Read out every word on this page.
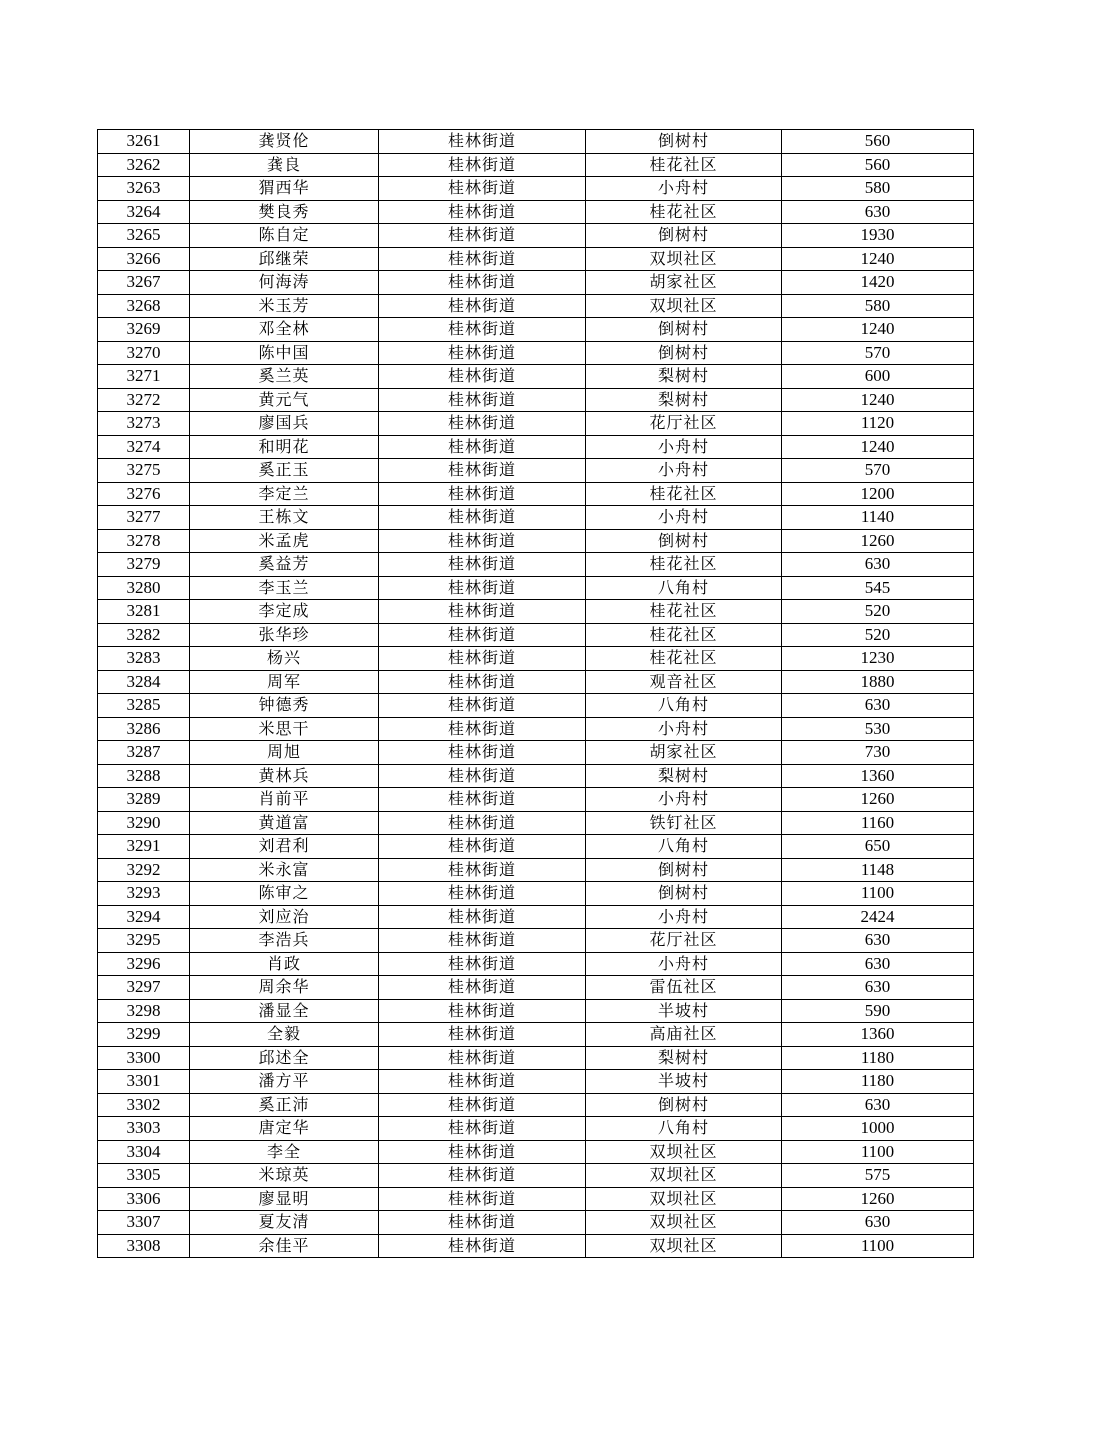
3261	龚贤伦	桂林街道	倒树村	560
3262	龚良	桂林街道	桂花社区	560
3263	猬西华	桂林街道	小舟村	580
3264	樊良秀	桂林街道	桂花社区	630
3265	陈自定	桂林街道	倒树村	1930
3266	邱继荣	桂林街道	双坝社区	1240
3267	何海涛	桂林街道	胡家社区	1420
3268	米玉芳	桂林街道	双坝社区	580
3269	邓全林	桂林街道	倒树村	1240
3270	陈中国	桂林街道	倒树村	570
3271	奚兰英	桂林街道	梨树村	600
3272	黄元气	桂林街道	梨树村	1240
3273	廖国兵	桂林街道	花厅社区	1120
3274	和明花	桂林街道	小舟村	1240
3275	奚正玉	桂林街道	小舟村	570
3276	李定兰	桂林街道	桂花社区	1200
3277	王栋文	桂林街道	小舟村	1140
3278	米孟虎	桂林街道	倒树村	1260
3279	奚益芳	桂林街道	桂花社区	630
3280	李玉兰	桂林街道	八角村	545
3281	李定成	桂林街道	桂花社区	520
3282	张华珍	桂林街道	桂花社区	520
3283	杨兴	桂林街道	桂花社区	1230
3284	周军	桂林街道	观音社区	1880
3285	钟德秀	桂林街道	八角村	630
3286	米思干	桂林街道	小舟村	530
3287	周旭	桂林街道	胡家社区	730
3288	黄林兵	桂林街道	梨树村	1360
3289	肖前平	桂林街道	小舟村	1260
3290	黄道富	桂林街道	铁钉社区	1160
3291	刘君利	桂林街道	八角村	650
3292	米永富	桂林街道	倒树村	1148
3293	陈审之	桂林街道	倒树村	1100
3294	刘应治	桂林街道	小舟村	2424
3295	李浩兵	桂林街道	花厅社区	630
3296	肖政	桂林街道	小舟村	630
3297	周余华	桂林街道	雷伍社区	630
3298	潘显全	桂林街道	半坡村	590
3299	全毅	桂林街道	高庙社区	1360
3300	邱述全	桂林街道	梨树村	1180
3301	潘方平	桂林街道	半坡村	1180
3302	奚正沛	桂林街道	倒树村	630
3303	唐定华	桂林街道	八角村	1000
3304	李全	桂林街道	双坝社区	1100
3305	米琼英	桂林街道	双坝社区	575
3306	廖显明	桂林街道	双坝社区	1260
3307	夏友清	桂林街道	双坝社区	630
3308	余佳平	桂林街道	双坝社区	1100
